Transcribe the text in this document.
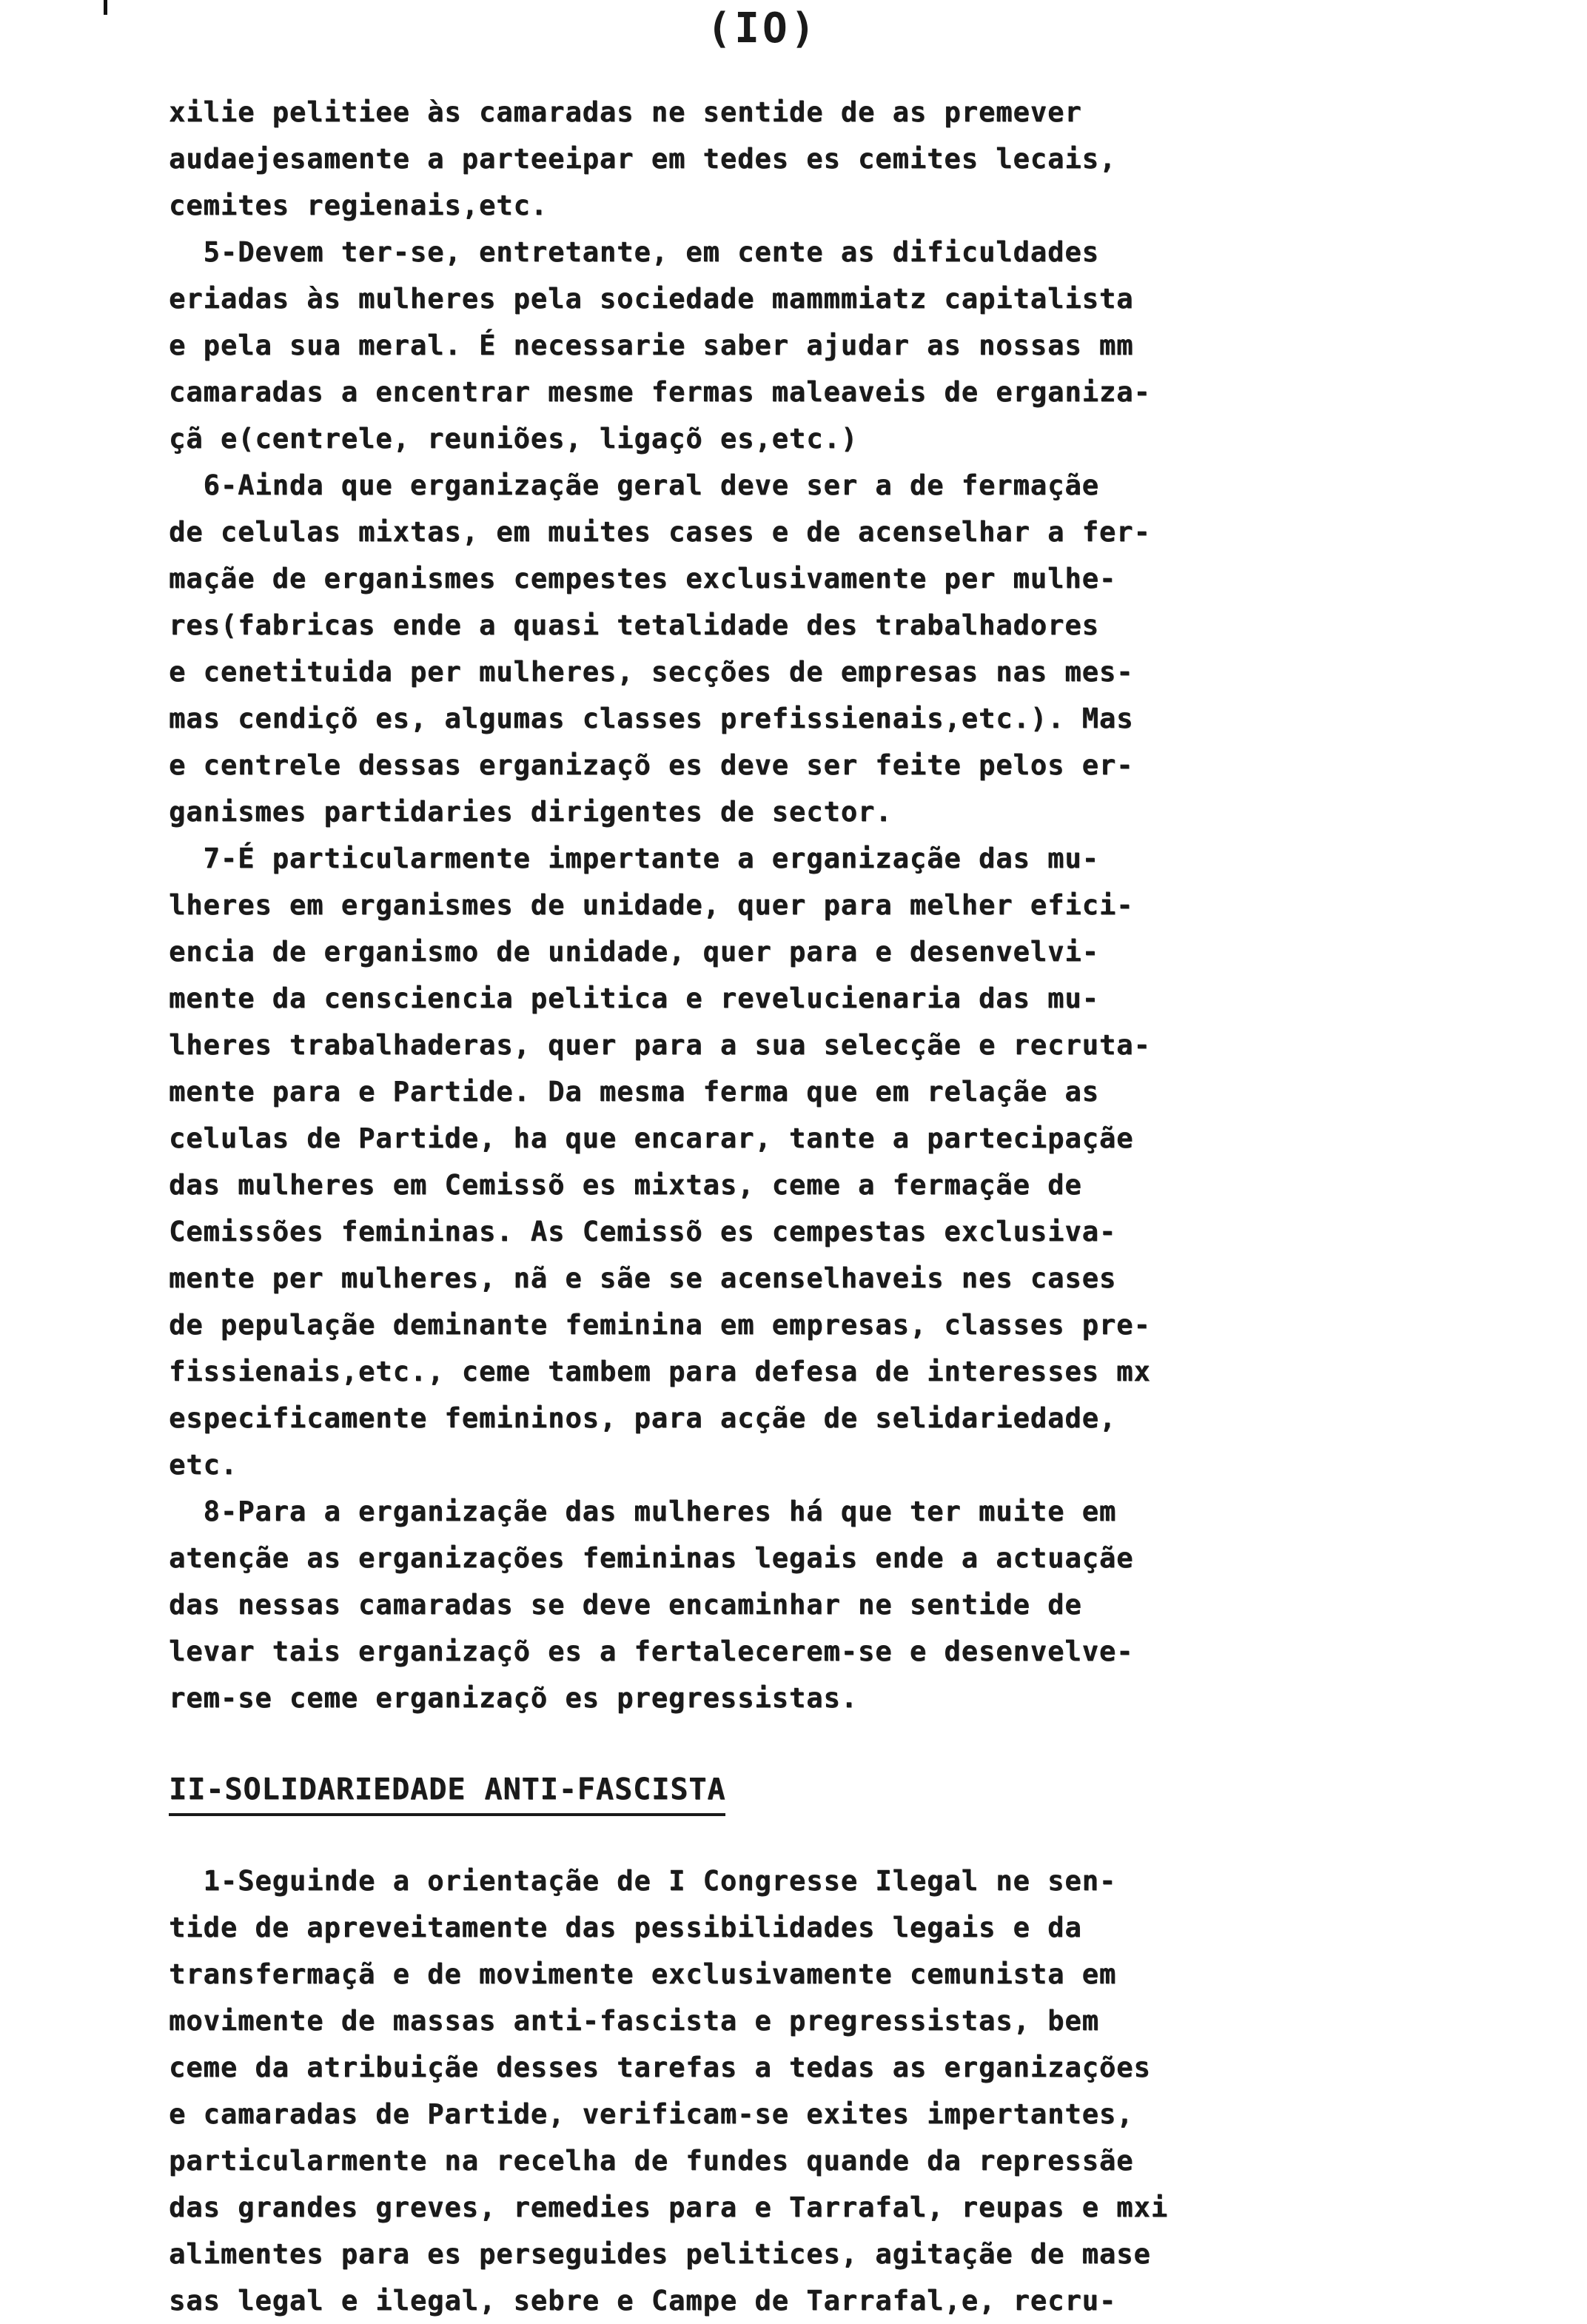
(IO)
xilie pelitiee às camaradas ne sentide de as premever
audaejesamente a parteeipar em tedes es cemites lecais,
cemites regienais,etc.
5-Devem ter-se, entretante, em cente as dificuldades
eriadas às mulheres pela sociedade mammmiatz capitalista
e pela sua meral. É necessarie saber ajudar as nossas mm
camaradas a encentrar mesme fermas maleaveis de erganiza-
çã e(centrele, reuniões, ligaçõ es,etc.)
6-Ainda que erganizaçãe geral deve ser a de fermaçãe
de celulas mixtas, em muites cases e de acenselhar a fer-
maçãe de erganismes cempestes exclusivamente per mulhe-
res(fabricas ende a quasi tetalidade des trabalhadores
e cenetituida per mulheres, secções de empresas nas mes-
mas cendiçõ es, algumas classes prefissienais,etc.). Mas
e centrele dessas erganizaçõ es deve ser feite pelos er-
ganismes partidaries dirigentes de sector.
7-É particularmente impertante a erganizaçãe das mu-
lheres em erganismes de unidade, quer para melher efici-
encia de erganismo de unidade, quer para e desenvelvi-
mente da censciencia pelitica e revelucienaria das mu-
lheres trabalhaderas, quer para a sua selecçãe e recruta-
mente para e Partide. Da mesma ferma que em relaçãe as
celulas de Partide, ha que encarar, tante a partecipaçãe
das mulheres em Cemissõ es mixtas, ceme a fermaçãe de
Cemissões femininas. As Cemissõ es cempestas exclusiva-
mente per mulheres, nã e sãe se acenselhaveis nes cases
de pepulaçãe deminante feminina em empresas, classes pre-
fissienais,etc., ceme tambem para defesa de interesses mx
especificamente femininos, para acçãe de selidariedade,
etc.
8-Para a erganizaçãe das mulheres há que ter muite em
atençãe as erganizações femininas legais ende a actuaçãe
das nessas camaradas se deve encaminhar ne sentide de
levar tais erganizaçõ es a fertalecerem-se e desenvelve-
rem-se ceme erganizaçõ es pregressistas.
II-SOLIDARIEDADE ANTI-FASCISTA
1-Seguinde a orientaçãe de I Congresse Ilegal ne sen-
tide de apreveitamente das pessibilidades legais e da
transfermaçã e de movimente exclusivamente cemunista em
movimente de massas anti-fascista e pregressistas, bem
ceme da atribuiçãe desses tarefas a tedas as erganizações
e camaradas de Partide, verificam-se exites impertantes,
particularmente na recelha de fundes quande da repressãe
das grandes greves, remedies para e Tarrafal, reupas e mxi
alimentes para es perseguides pelitices, agitaçãe de mase
sas legal e ilegal, sebre e Campe de Tarrafal,e, recru-
